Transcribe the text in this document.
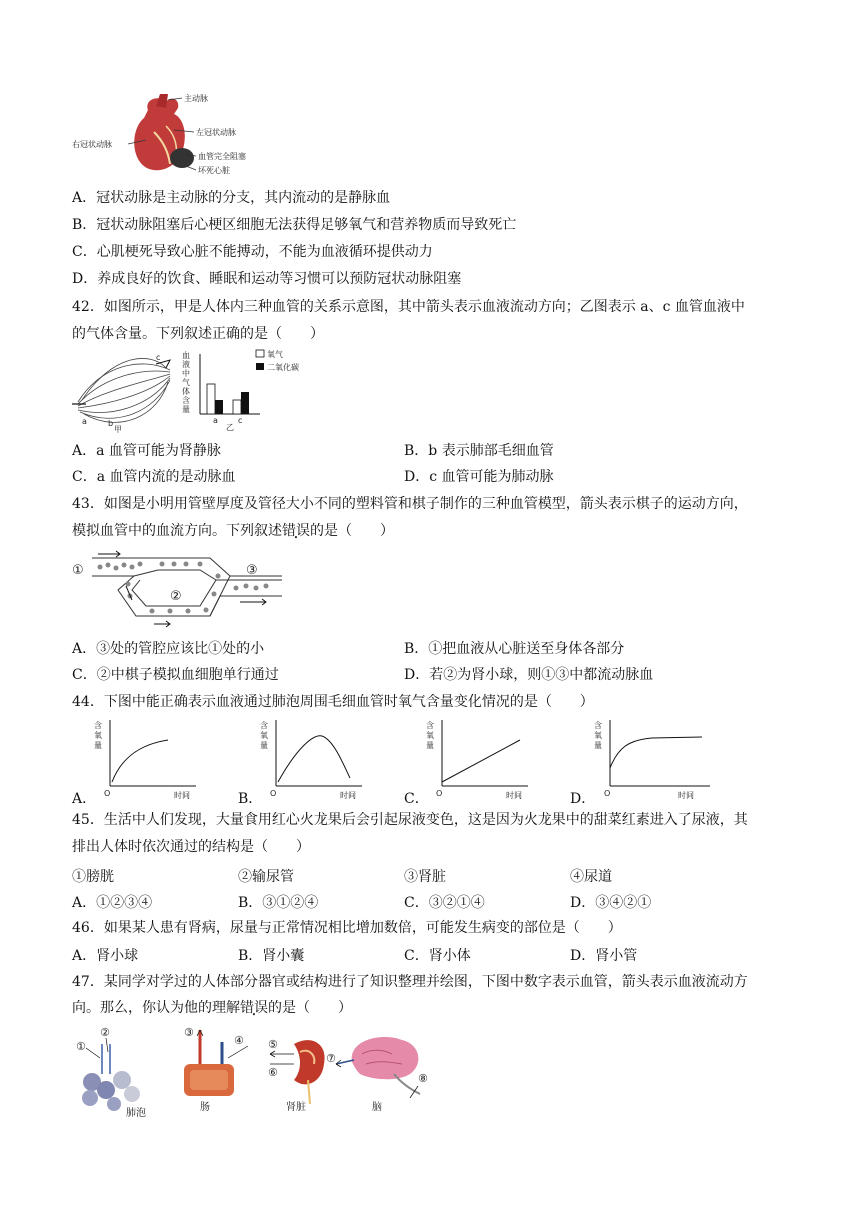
主动脉
左冠状动脉
右冠状动脉
血管完全阻塞
坏死心脏
A．冠状动脉是主动脉的分支，其内流动的是静脉血
B．冠状动脉阻塞后心梗区细胞无法获得足够氧气和营养物质而导致死亡
C．心肌梗死导致心脏不能搏动，不能为血液循环提供动力
D．养成良好的饮食、睡眠和运动等习惯可以预防冠状动脉阻塞
42．如图所示，甲是人体内三种血管的关系示意图，其中箭头表示血液流动方向；乙图表示 a、c 血管血液中
的气体含量。下列叙述正确的是（　　）
a	b
c
甲
血
液
中
气
体
含
量
氧气
二氧化碳
a	c
乙
A．a 血管可能为肾静脉	B．b 表示肺部毛细血管
C．a 血管内流的是动脉血	D．c 血管可能为肺动脉
43．如图是小明用管壁厚度及管径大小不同的塑料管和棋子制作的三种血管模型，箭头表示棋子的运动方向，
模拟血管中的血流方向。下列叙述错误的是（　　）
①
②
③
A．③处的管腔应该比①处的小	B．①把血液从心脏送至身体各部分
C．②中棋子模拟血细胞单行通过	D．若②为肾小球，则①③中都流动脉血
44．下图中能正确表示血液通过肺泡周围毛细血管时氧气含量变化情况的是（　　）
A．	B．	C．	D．
含
氧
量
O	时间
含
氧
量
O	时间
含
氧
量
O	时间
含
氧
量
O	时间
45．生活中人们发现，大量食用红心火龙果后会引起尿液变色，这是因为火龙果中的甜菜红素进入了尿液，其
排出人体时依次通过的结构是（　　）
①膀胱	②输尿管	③肾脏	④尿道
A．①②③④	B．③①②④	C．③②①④	D．③④②①
46．如果某人患有肾病，尿量与正常情况相比增加数倍，可能发生病变的部位是（　　）
A．肾小球	B．肾小囊	C．肾小体	D．肾小管
47．某同学对学过的人体部分器官或结构进行了知识整理并绘图，下图中数字表示血管，箭头表示血液流动方
向。那么，你认为他的理解错误的是（　　）
①
②
肺泡
③
④
肠
⑤
⑥
肾脏
⑦
⑧
脑
